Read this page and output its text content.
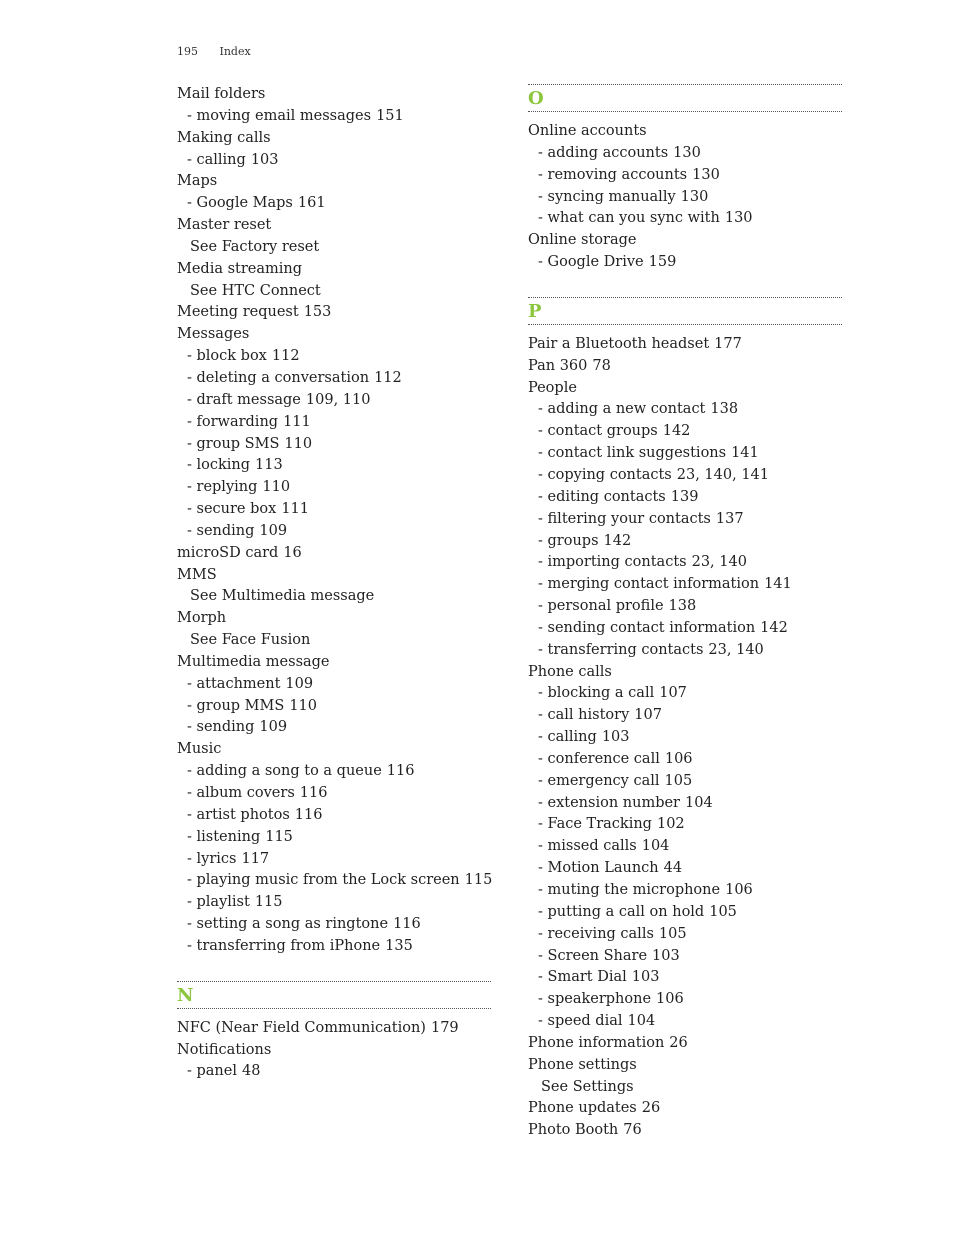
195 Index
Mail folders
- moving email messages 151
Making calls
- calling 103
Maps
- Google Maps 161
Master reset
See Factory reset
Media streaming
See HTC Connect
Meeting request 153
Messages
- block box 112
- deleting a conversation 112
- draft message 109, 110
- forwarding 111
- group SMS 110
- locking 113
- replying 110
- secure box 111
- sending 109
microSD card 16
MMS
See Multimedia message
Morph
See Face Fusion
Multimedia message
- attachment 109
- group MMS 110
- sending 109
Music
- adding a song to a queue 116
- album covers 116
- artist photos 116
- listening 115
- lyrics 117
- playing music from the Lock screen 115
- playlist 115
- setting a song as ringtone 116
- transferring from iPhone 135
N
NFC (Near Field Communication) 179
Notifications
- panel 48
O
Online accounts
- adding accounts 130
- removing accounts 130
- syncing manually 130
- what can you sync with 130
Online storage
- Google Drive 159
P
Pair a Bluetooth headset 177
Pan 360 78
People
- adding a new contact 138
- contact groups 142
- contact link suggestions 141
- copying contacts 23, 140, 141
- editing contacts 139
- filtering your contacts 137
- groups 142
- importing contacts 23, 140
- merging contact information 141
- personal profile 138
- sending contact information 142
- transferring contacts 23, 140
Phone calls
- blocking a call 107
- call history 107
- calling 103
- conference call 106
- emergency call 105
- extension number 104
- Face Tracking 102
- missed calls 104
- Motion Launch 44
- muting the microphone 106
- putting a call on hold 105
- receiving calls 105
- Screen Share 103
- Smart Dial 103
- speakerphone 106
- speed dial 104
Phone information 26
Phone settings
See Settings
Phone updates 26
Photo Booth 76
